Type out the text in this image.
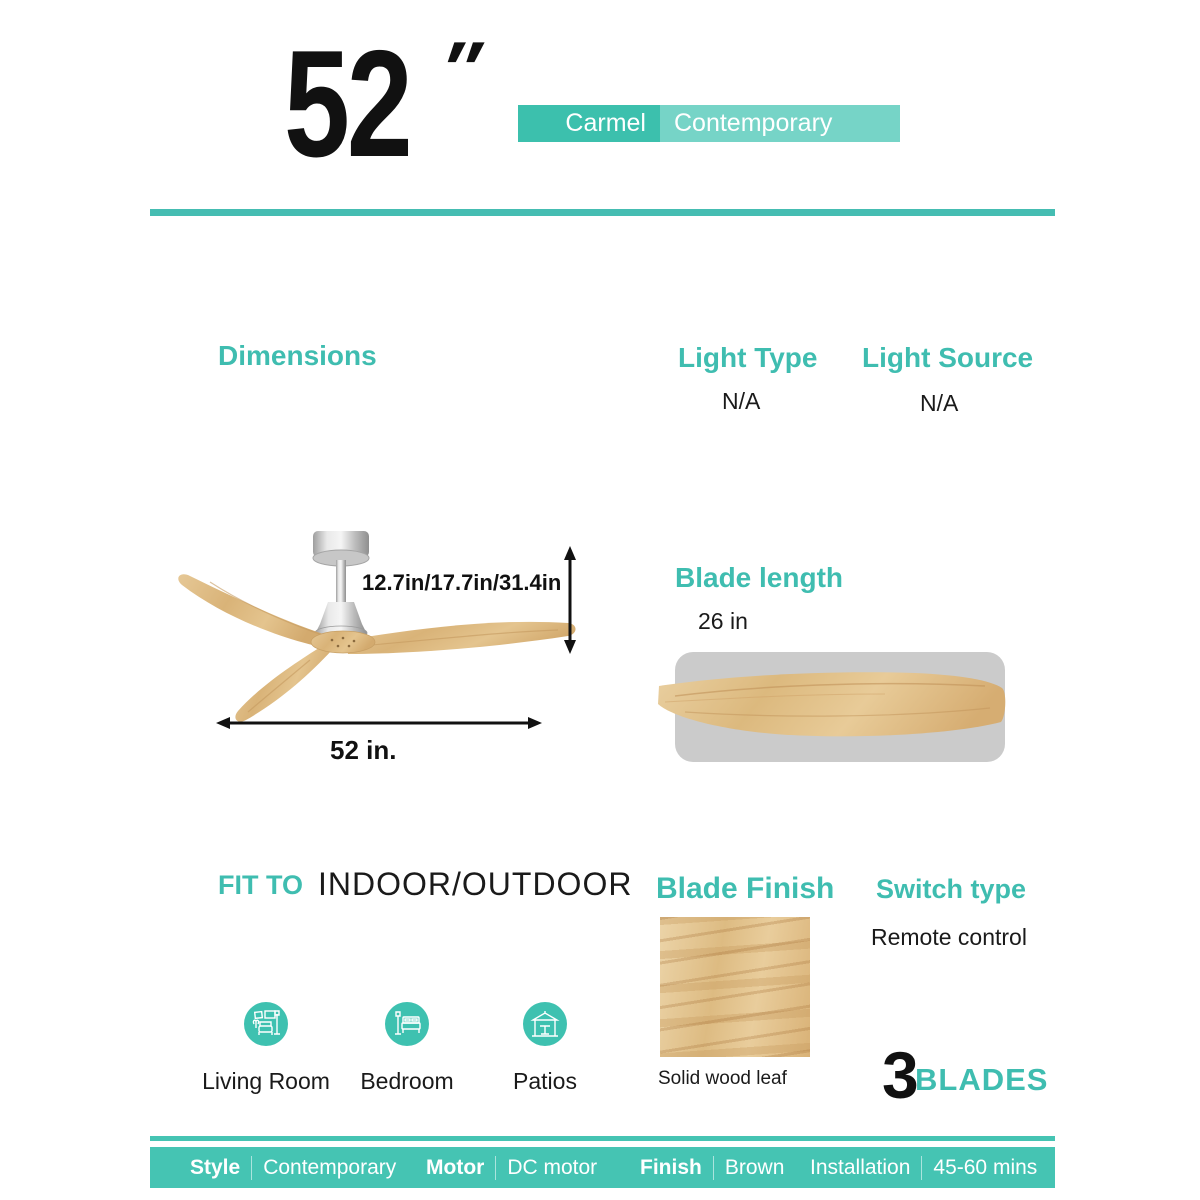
52 ″
Carmel	Contemporary
Dimensions	Light Type
N/A
Light Source
N/A
12.7in/17.7in/31.4in
52 in.
Blade length
26 in
FIT TO INDOOR/OUTDOOR
Living Room	Bedroom	Patios
Blade Finish
Solid wood leaf
Switch type
Remote control
3
BLADES
Style Contemporary Motor DC motor Finish Brown Installation 45-60 mins
